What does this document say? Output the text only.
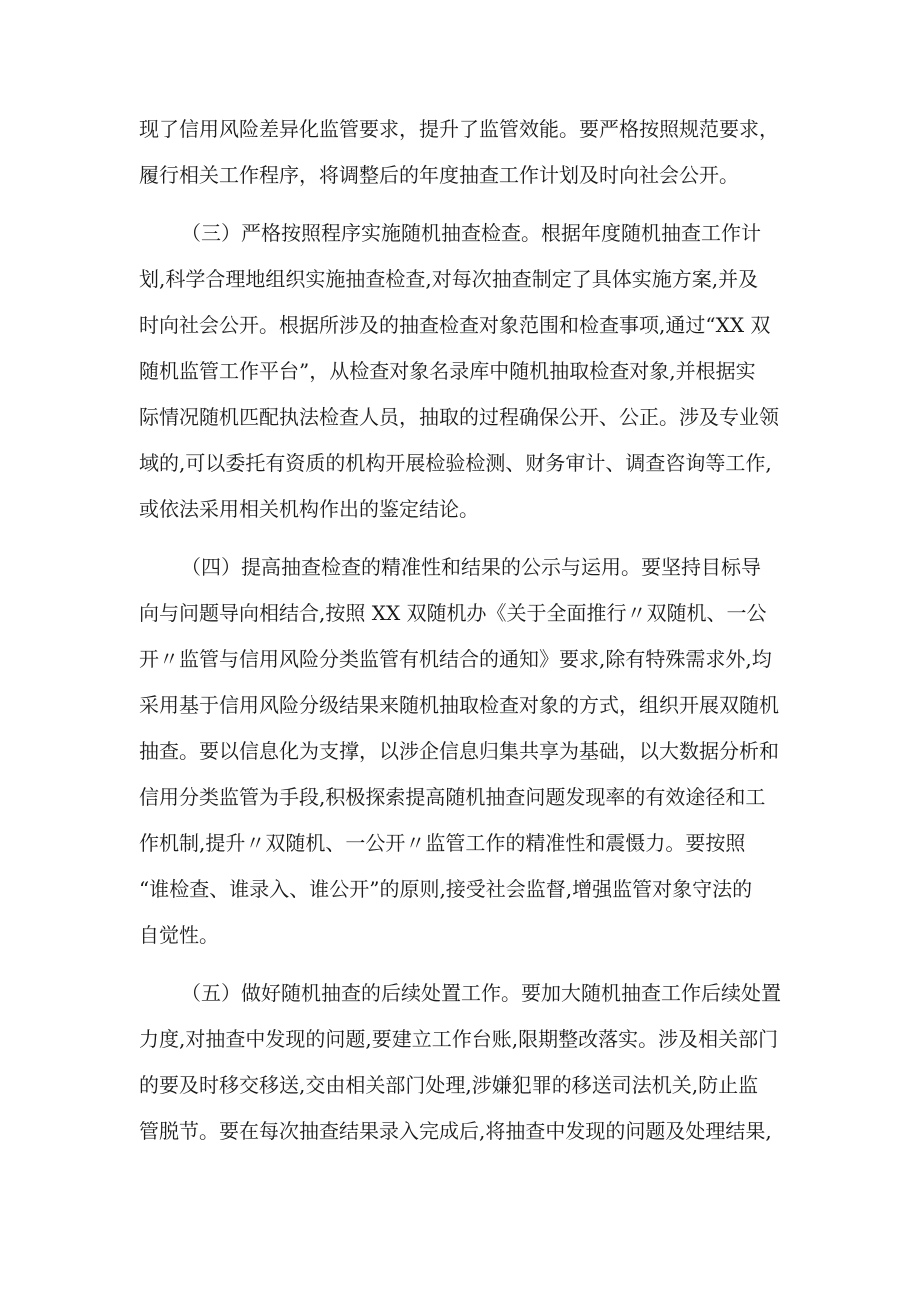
现了信用风险差异化监管要求，提升了监管效能。要严格按照规范要求，
履行相关工作程序，将调整后的年度抽查工作计划及时向社会公开。
（三）严格按照程序实施随机抽查检查。根据年度随机抽查工作计
划,科学合理地组织实施抽查检查,对每次抽查制定了具体实施方案,并及
时向社会公开。根据所涉及的抽查检查对象范围和检查事项,通过“XX 双
随机监管工作平台”，从检查对象名录库中随机抽取检查对象,并根据实
际情况随机匹配执法检查人员，抽取的过程确保公开、公正。涉及专业领
域的,可以委托有资质的机构开展检验检测、财务审计、调查咨询等工作,
或依法采用相关机构作出的鉴定结论。
（四）提高抽查检查的精准性和结果的公示与运用。要坚持目标导
向与问题导向相结合,按照 XX 双随机办《关于全面推行〃双随机、一公
开〃监管与信用风险分类监管有机结合的通知》要求,除有特殊需求外,均
采用基于信用风险分级结果来随机抽取检查对象的方式，组织开展双随机
抽查。要以信息化为支撑，以涉企信息归集共享为基础，以大数据分析和
信用分类监管为手段,积极探索提高随机抽查问题发现率的有效途径和工
作机制,提升〃双随机、一公开〃监管工作的精准性和震慑力。要按照
“谁检查、谁录入、谁公开”的原则,接受社会监督,增强监管对象守法的
自觉性。
（五）做好随机抽查的后续处置工作。要加大随机抽查工作后续处置
力度,对抽查中发现的问题,要建立工作台账,限期整改落实。涉及相关部门
的要及时移交移送,交由相关部门处理,涉嫌犯罪的移送司法机关,防止监
管脱节。要在每次抽查结果录入完成后,将抽查中发现的问题及处理结果,
